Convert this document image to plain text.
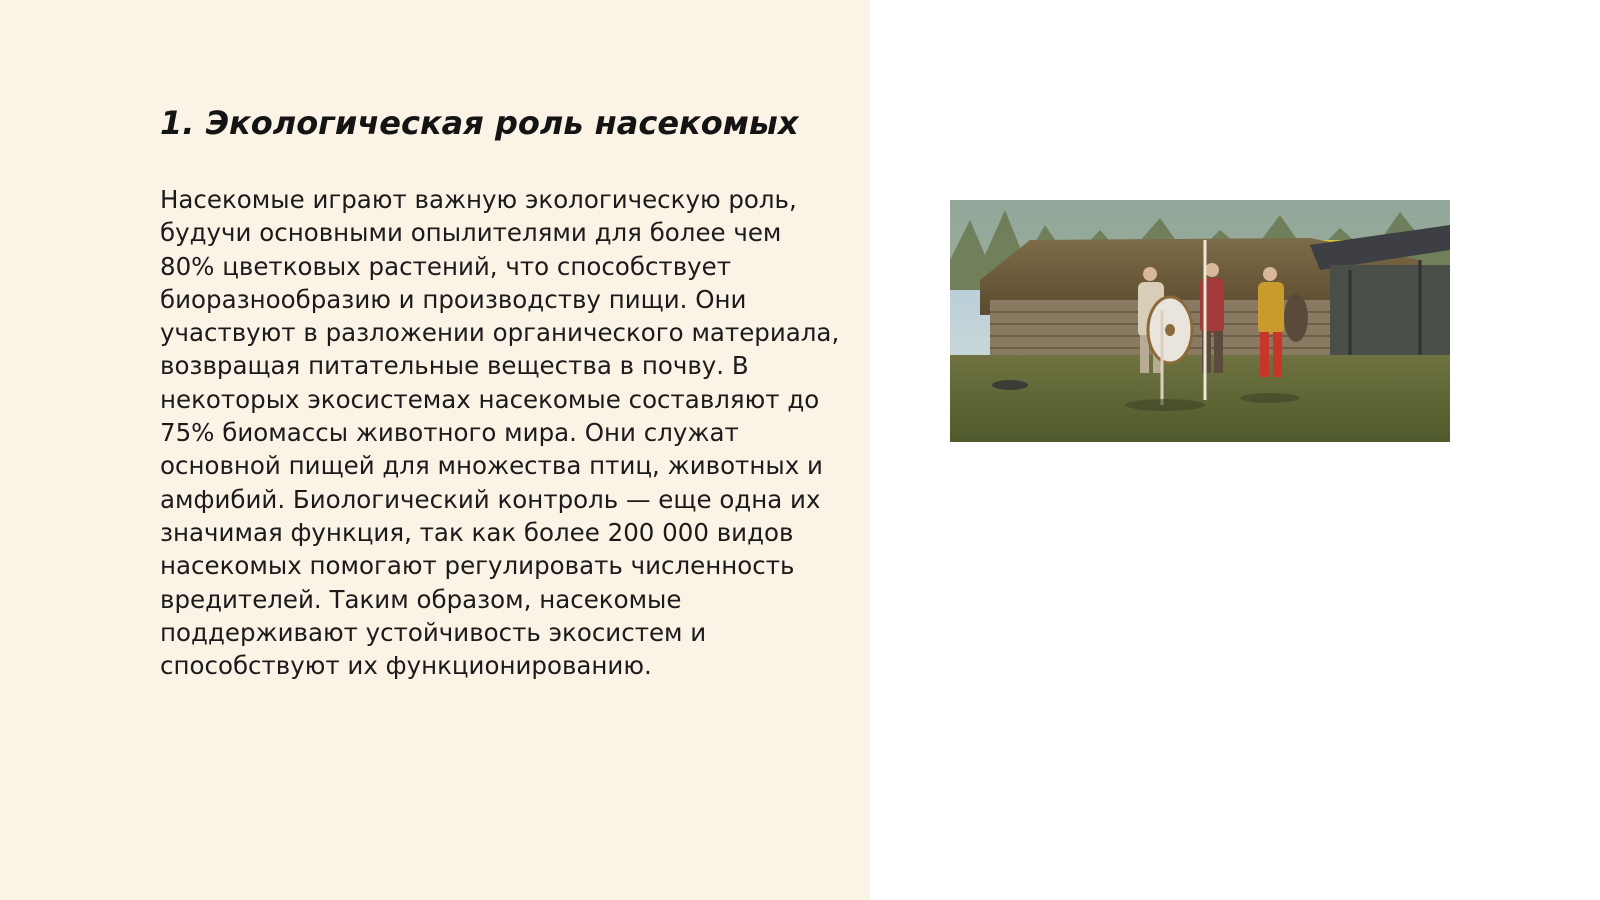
1. Экологическая роль насекомых

Насекомые играют важную экологическую роль, будучи основными опылителями для более чем 80% цветковых растений, что способствует биоразнообразию и производству пищи. Они участвуют в разложении органического материала, возвращая питательные вещества в почву. В некоторых экосистемах насекомые составляют до 75% биомассы животного мира. Они служат основной пищей для множества птиц, животных и амфибий. Биологический контроль — еще одна их значимая функция, так как более 200 000 видов насекомых помогают регулировать численность вредителей. Таким образом, насекомые поддерживают устойчивость экосистем и способствуют их функционированию.
